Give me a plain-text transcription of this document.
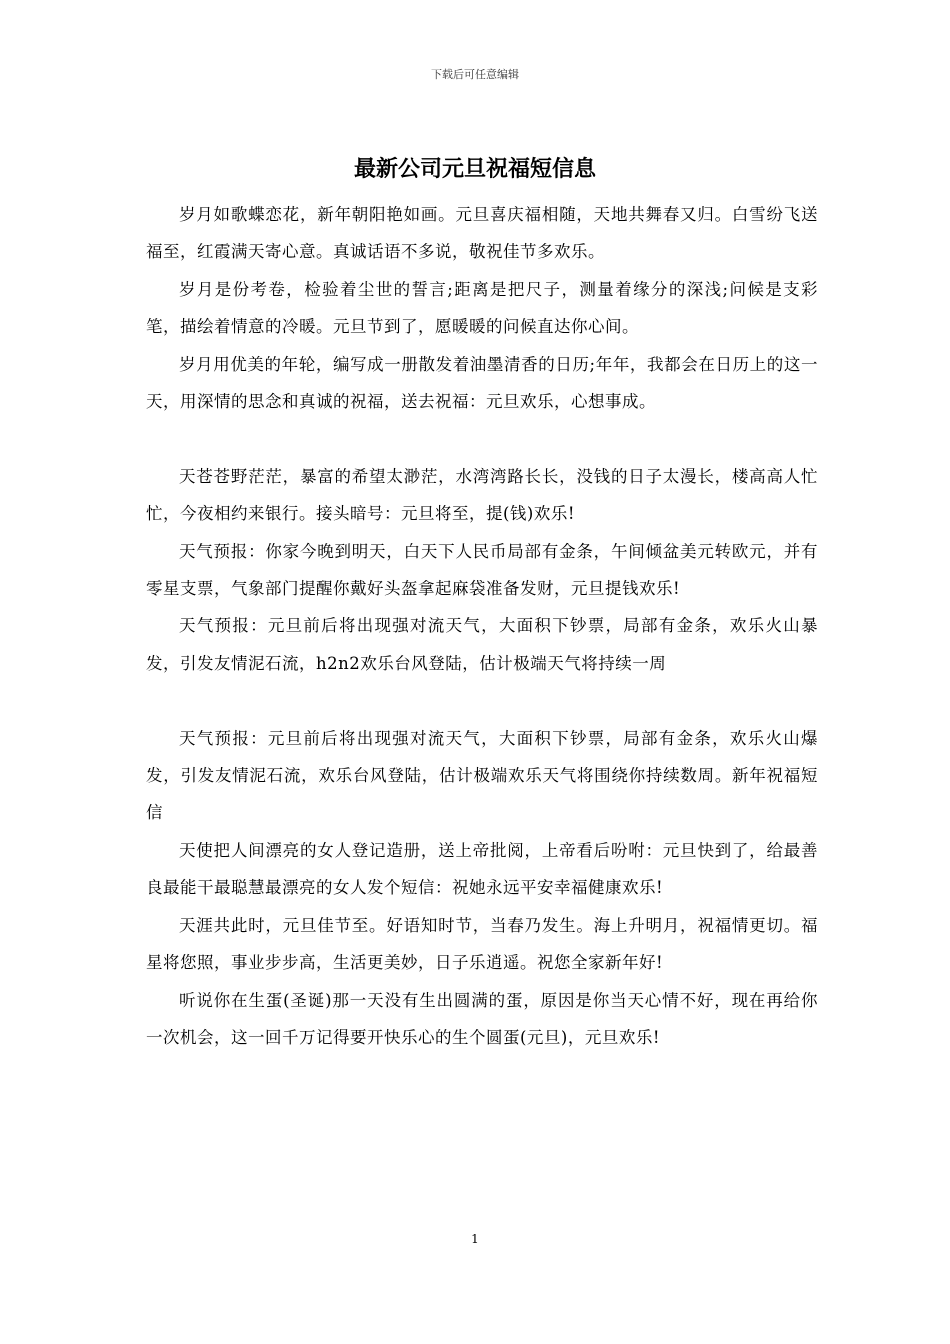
下载后可任意编辑
最新公司元旦祝福短信息

岁月如歌蝶恋花，新年朝阳艳如画。元旦喜庆福相随，天地共舞春又归。白雪纷飞送福至，红霞满天寄心意。真诚话语不多说，敬祝佳节多欢乐。

岁月是份考卷，检验着尘世的誓言;距离是把尺子，测量着缘分的深浅;问候是支彩笔，描绘着情意的冷暖。元旦节到了，愿暖暖的问候直达你心间。

岁月用优美的年轮，编写成一册散发着油墨清香的日历;年年，我都会在日历上的这一天，用深情的思念和真诚的祝福，送去祝福：元旦欢乐，心想事成。

天苍苍野茫茫，暴富的希望太渺茫，水湾湾路长长，没钱的日子太漫长，楼高高人忙忙，今夜相约来银行。接头暗号：元旦将至，提(钱)欢乐!

天气预报：你家今晚到明天，白天下人民币局部有金条，午间倾盆美元转欧元，并有零星支票，气象部门提醒你戴好头盔拿起麻袋准备发财，元旦提钱欢乐!

天气预报：元旦前后将出现强对流天气，大面积下钞票，局部有金条，欢乐火山暴发，引发友情泥石流，h2n2欢乐台风登陆，估计极端天气将持续一周

天气预报：元旦前后将出现强对流天气，大面积下钞票，局部有金条，欢乐火山爆发，引发友情泥石流，欢乐台风登陆，估计极端欢乐天气将围绕你持续数周。新年祝福短信

天使把人间漂亮的女人登记造册，送上帝批阅，上帝看后吩咐：元旦快到了，给最善良最能干最聪慧最漂亮的女人发个短信：祝她永远平安幸福健康欢乐!

天涯共此时，元旦佳节至。好语知时节，当春乃发生。海上升明月，祝福情更切。福星将您照，事业步步高，生活更美妙，日子乐逍遥。祝您全家新年好!

听说你在生蛋(圣诞)那一天没有生出圆满的蛋，原因是你当天心情不好，现在再给你一次机会，这一回千万记得要开快乐心的生个圆蛋(元旦)，元旦欢乐!

1
